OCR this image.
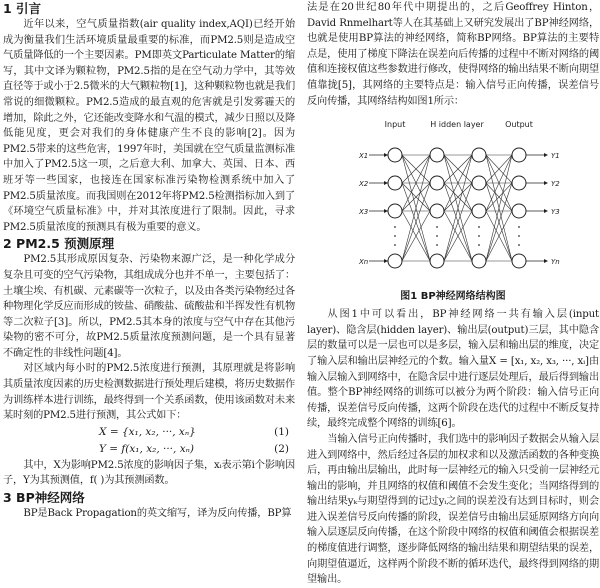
1 引言

近年以来，空气质量指数(air quality index,AQI)已经开始成为衡量我们生活环境质量最重要的标准，而PM2.5则是造成空气质量降低的一个主要因素。PM即英文Particulate Matter的缩写，其中文译为颗粒物，PM2.5指的是在空气动力学中，其等效直径等于或小于2.5微米的大气颗粒物[1]，这种颗粒物也就是我们常说的细微颗粒。PM2.5造成的最直观的危害就是引发雾霾天的增加，除此之外，它还能改变降水和气温的模式，减少日照以及降低能见度，更会对我们的身体健康产生不良的影响[2]。因为PM2.5带来的这些危害，1997年时，美国就在空气质量监测标准中加入了PM2.5这一项，之后意大利、加拿大、英国、日本、西班牙等一些国家，也接连在国家标准污染物检测系统中加入了PM2.5质量浓度。而我国则在2012年将PM2.5检测指标加入到了《环境空气质量标准》中，并对其浓度进行了限制。因此，寻求PM2.5质量浓度的预测具有极为重要的意义。

2 PM2.5 预测原理

PM2.5其形成原因复杂、污染物来源广泛，是一种化学成分复杂且可变的空气污染物，其组成成分也并不单一，主要包括了：土壤尘埃、有机碳、元素碳等一次粒子，以及由各类污染物经过各种物理化学反应而形成的铵盐、硝酸盐、硫酸盐和半挥发性有机物等二次粒子[3]。所以，PM2.5其本身的浓度与空气中存在其他污染物的密不可分，故PM2.5质量浓度预测问题，是一个具有显著不确定性的非线性问题[4]。

对区域内每小时的PM2.5浓度进行预测，其原理就是将影响其质量浓度因素的历史检测数据进行预处理后建模，将历史数据作为训练样本进行训练，最终得到一个关系函数，使用该函数对未来某时刻的PM2.5进行预测，其公式如下：

X = {x₁, x₂, ···, xₙ}	(1)
Y = f(x₁, x₂, ···, xₙ)	(2)

其中，X为影响PM2.5浓度的影响因子集，xᵢ表示第i个影响因子，Y为其预测值，f( )为其预测函数。

3 BP神经网络

BP是Back Propagation的英文缩写，译为反向传播，BP算

法是在20世纪80年代中期提出的，之后Geoffrey Hinton，David Rnmelhart等人在其基础上又研究发展出了BP神经网络，也就是使用BP算法的神经网络，简称BP网络。BP算法的主要特点是，使用了梯度下降法在误差向后传播的过程中不断对网络的阈值和连接权值这些参数进行修改，使得网络的输出结果不断向期望值靠拢[5]，其网络的主要特点是：输入信号正向传播，误差信号反向传播，其网络结构如图1所示：

Input	H idden layer	Output
X1
X2
X3
Xn
Y1
Y2
Y3
Yn
图1 BP神经网络结构图

从图1中可以看出，BP神经网络一共有输入层(input layer)、隐含层(hidden layer)、输出层(output)三层，其中隐含层的数量可以是一层也可以是多层，输入层和输出层的维度，决定了输入层和输出层神经元的个数。输入量X = [x₁, x₂, x₃, ···, xᵢ]由输入层输入到网络中，在隐含层中进行逐层处理后，最后得到输出值。整个BP神经网络的训练可以被分为两个阶段：输入信号正向传播，误差信号反向传播，这两个阶段在迭代的过程中不断反复持续，最终完成整个网络的训练[6]。

当输入信号正向传播时，我们选中的影响因子数据会从输入层进入到网络中，然后经过各层的加权求和以及激活函数的各种变换后，再由输出层输出，此时每一层神经元的输入只受前一层神经元输出的影响，并且网络的权值和阈值不会发生变化；当网络得到的输出结果yₖ与期望得到的记过yᵢ之间的误差没有达到目标时，则会进入误差信号反向传播的阶段，误差信号由输出层延原网络方向向输入层逐层反向传播，在这个阶段中网络的权值和阈值会根据误差的梯度值进行调整，逐步降低网络的输出结果和期望结果的误差，向期望值逼近，这样两个阶段不断的循环迭代，最终得到网络的期望输出。
